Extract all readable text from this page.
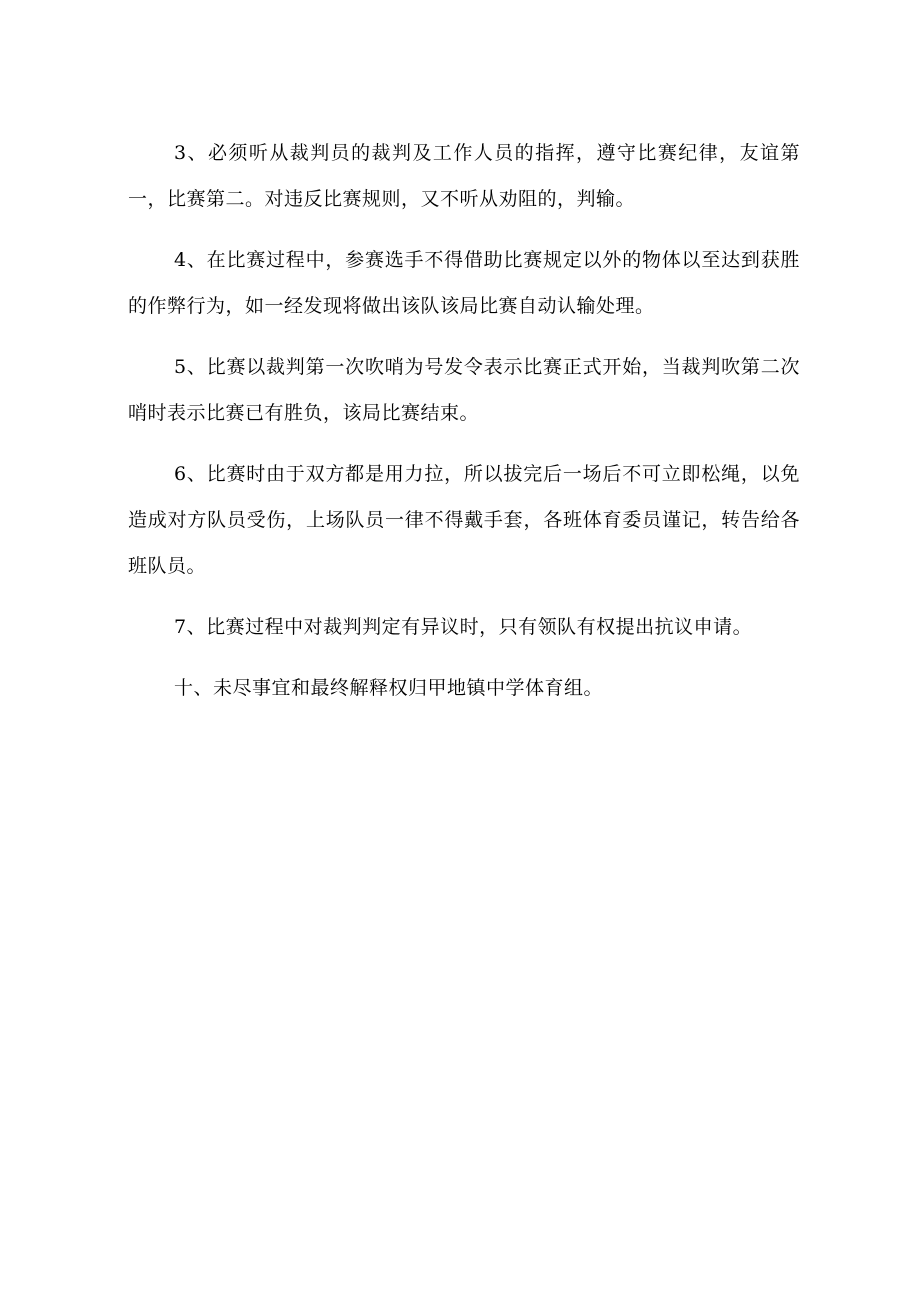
3、必须听从裁判员的裁判及工作人员的指挥，遵守比赛纪律，友谊第一，比赛第二。对违反比赛规则，又不听从劝阻的，判输。

4、在比赛过程中，参赛选手不得借助比赛规定以外的物体以至达到获胜的作弊行为，如一经发现将做出该队该局比赛自动认输处理。

5、比赛以裁判第一次吹哨为号发令表示比赛正式开始，当裁判吹第二次哨时表示比赛已有胜负，该局比赛结束。

6、比赛时由于双方都是用力拉，所以拔完后一场后不可立即松绳，以免造成对方队员受伤，上场队员一律不得戴手套，各班体育委员谨记，转告给各班队员。

7、比赛过程中对裁判判定有异议时，只有领队有权提出抗议申请。

十、未尽事宜和最终解释权归甲地镇中学体育组。
